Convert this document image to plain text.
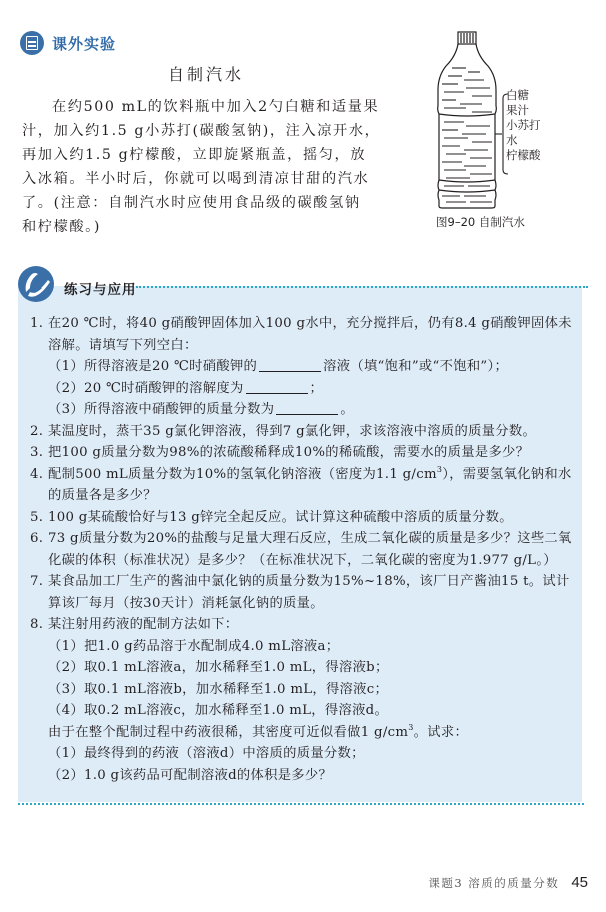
课外实验
自制汽水
在约500 mL的饮料瓶中加入2勺白糖和适量果
汁，加入约1.5 g小苏打(碳酸氢钠)，注入凉开水，
再加入约1.5 g柠檬酸，立即旋紧瓶盖，摇匀，放
入冰箱。半小时后，你就可以喝到清凉甘甜的汽水
了。(注意：自制汽水时应使用食品级的碳酸氢钠
和柠檬酸。)
白糖
果汁
小苏打
水
柠檬酸
图9–20 自制汽水
练习与应用
1. 在20 ℃时，将40 g硝酸钾固体加入100 g水中，充分搅拌后，仍有8.4 g硝酸钾固体未溶解。请填写下列空白：
（1）所得溶液是20 ℃时硝酸钾的	溶液（填“饱和”或“不饱和”）；
（2）20 ℃时硝酸钾的溶解度为	；
（3）所得溶液中硝酸钾的质量分数为	。
2. 某温度时，蒸干35 g氯化钾溶液，得到7 g氯化钾，求该溶液中溶质的质量分数。
3. 把100 g质量分数为98%的浓硫酸稀释成10%的稀硫酸，需要水的质量是多少？
4. 配制500 mL质量分数为10%的氢氧化钠溶液（密度为1.1 $g/cm^3$），需要氢氧化钠和水的质量各是多少？
5. 100 g某硫酸恰好与13 g锌完全起反应。试计算这种硫酸中溶质的质量分数。
6. 73 g质量分数为20%的盐酸与足量大理石反应，生成二氧化碳的质量是多少？这些二氧化碳的体积（标准状况）是多少？（在标准状况下，二氧化碳的密度为1.977 g/L。）
7. 某食品加工厂生产的酱油中氯化钠的质量分数为15%~18%，该厂日产酱油15 t。试计算该厂每月（按30天计）消耗氯化钠的质量。
8. 某注射用药液的配制方法如下：
（1）把1.0 g药品溶于水配制成4.0 mL溶液a；
（2）取0.1 mL溶液a，加水稀释至1.0 mL，得溶液b；
（3）取0.1 mL溶液b，加水稀释至1.0 mL，得溶液c；
（4）取0.2 mL溶液c，加水稀释至1.0 mL，得溶液d。
由于在整个配制过程中药液很稀，其密度可近似看做1 $g/cm^3$。试求：
（1）最终得到的药液（溶液d）中溶质的质量分数；
（2）1.0 g该药品可配制溶液d的体积是多少？
课题3 溶质的质量分数 45
